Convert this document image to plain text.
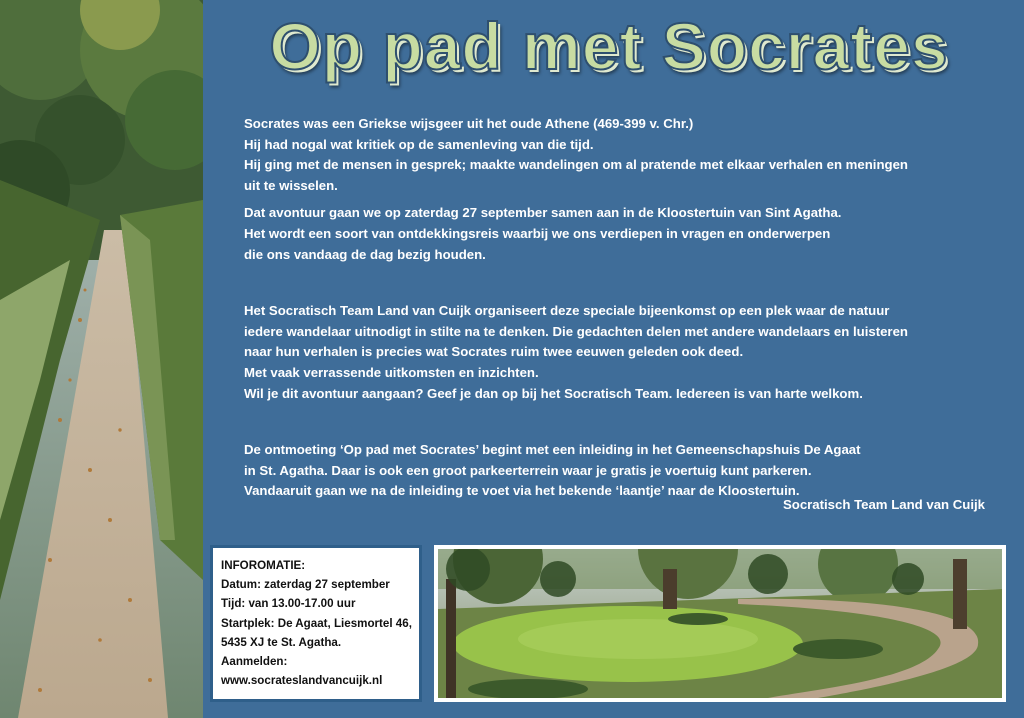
Op pad met Socrates

Socrates was een Griekse wijsgeer uit het oude Athene (469-399 v. Chr.)

Hij had nogal wat kritiek op de samenleving van die tijd.

Hij ging met de mensen in gesprek; maakte wandelingen om al pratende met elkaar verhalen en meningen

uit te wisselen.

Dat avontuur gaan we op zaterdag 27 september samen aan in de Kloostertuin van Sint Agatha.

Het wordt een soort van ontdekkingsreis waarbij we ons verdiepen in vragen en onderwerpen

die ons vandaag de dag bezig houden.

Het Socratisch Team Land van Cuijk organiseert deze speciale bijeenkomst op een plek waar de natuur

iedere wandelaar uitnodigt in stilte na te denken. Die gedachten delen met andere wandelaars en luisteren

naar hun verhalen is precies wat Socrates ruim twee eeuwen geleden ook deed.

Met vaak verrassende uitkomsten en inzichten.

Wil je dit avontuur aangaan? Geef je dan op bij het Socratisch Team. Iedereen is van harte welkom.

De ontmoeting ‘Op pad met Socrates’ begint met een inleiding in het Gemeenschapshuis De Agaat

in St. Agatha. Daar is ook een groot parkeerterrein waar je gratis je voertuig kunt parkeren.

Vandaaruit gaan we na de inleiding te voet via het bekende ‘laantje’ naar de Kloostertuin.

Socratisch Team Land van Cuijk
INFOROMATIE:
Datum: zaterdag 27 september
Tijd: van 13.00-17.00 uur
Startplek: De Agaat, Liesmortel 46,
5435 XJ te St. Agatha.
Aanmelden:
www.socrateslandvancuijk.nl
